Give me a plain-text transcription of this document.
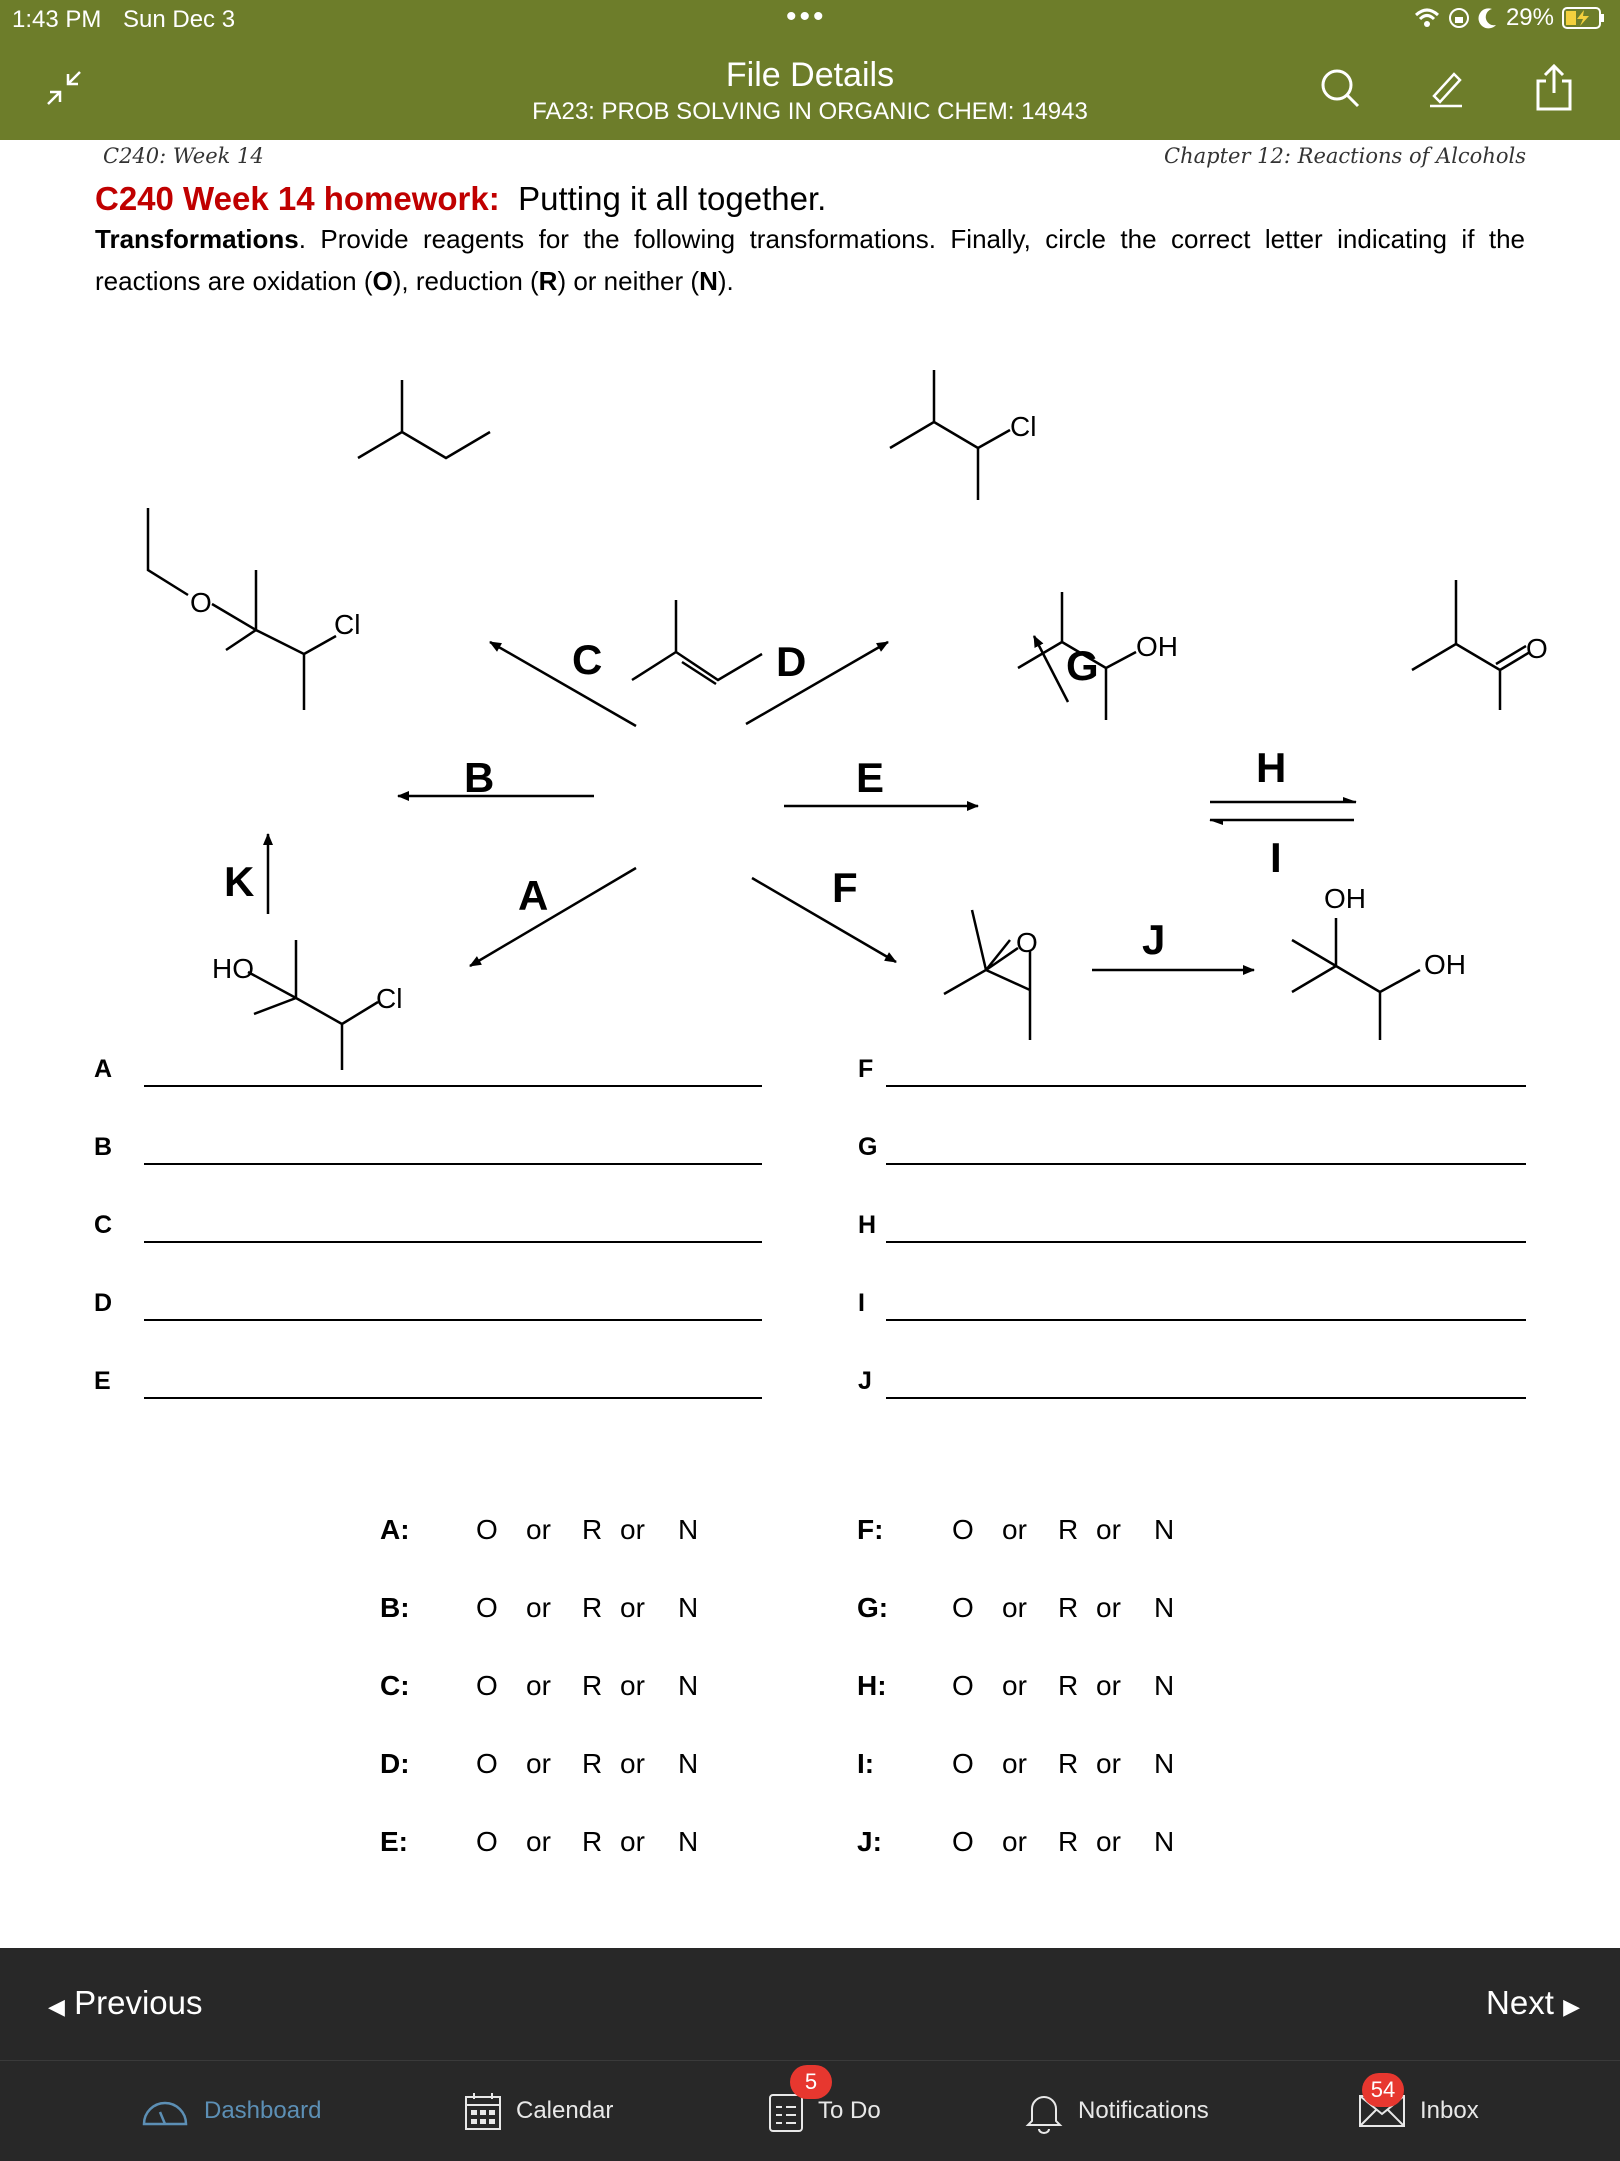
1:43 PM Sun Dec 3	•••	29%
File Details
FA23: PROB SOLVING IN ORGANIC CHEM: 14943
C240: Week 14	Chapter 12: Reactions of Alcohols
C240 Week 14 homework: Putting it all together.
Transformations. Provide reagents for the following transformations. Finally, circle the correct letter indicating if the reactions are oxidation (O), reduction (R) or neither (N).
A
B
C	D
E
F
G
H
I
J
K
O
Cl
HO
Cl
Cl
OH	O
O
OH
OH
A
B
C
D
E
F
G
H
I
J
A: O or R or N
B: O or R or N
C: O or R or N
D: O or R or N
E: O or R or N
F: O or R or N
G: O or R or N
H: O or R or N
I:	O or R or N
J:	O or R or N
◀ Previous	Next ▶
Dashboard	Calendar	To Do
5
Notifications	Inbox
54
